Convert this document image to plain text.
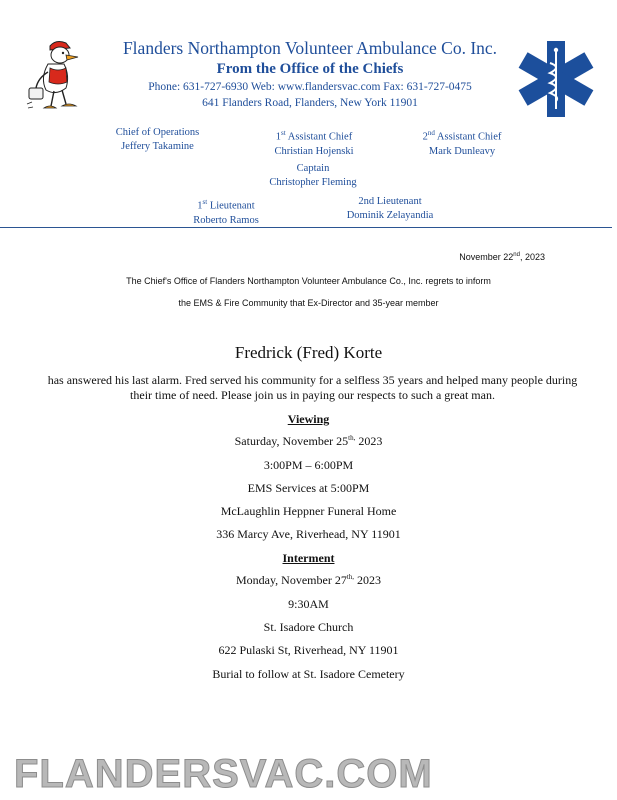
Flanders Northampton Volunteer Ambulance Co. Inc.
From the Office of the Chiefs
Phone: 631-727-6930 Web: www.flandersvac.com Fax: 631-727-0475
641 Flanders Road, Flanders, New York 11901
Chief of Operations
Jeffery Takamine
1st Assistant Chief
Christian Hojenski
2nd Assistant Chief
Mark Dunleavy
Captain
Christopher Fleming
1st Lieutenant
Roberto Ramos
2nd Lieutenant
Dominik Zelayandia
November 22nd, 2023
The Chief's Office of Flanders Northampton Volunteer Ambulance Co., Inc. regrets to inform
the EMS & Fire Community that Ex-Director and 35-year member
Fredrick (Fred) Korte
has answered his last alarm. Fred served his community for a selfless 35 years and helped many people during their time of need. Please join us in paying our respects to such a great man.
Viewing
Saturday, November $25^{th,}$ 2023
3:00PM – 6:00PM
EMS Services at 5:00PM
McLaughlin Heppner Funeral Home
336 Marcy Ave, Riverhead, NY 11901
Interment
Monday, November $27^{th,}$ 2023
9:30AM
St. Isadore Church
622 Pulaski St, Riverhead, NY 11901
Burial to follow at St. Isadore Cemetery
FLANDERSVAC.COM
